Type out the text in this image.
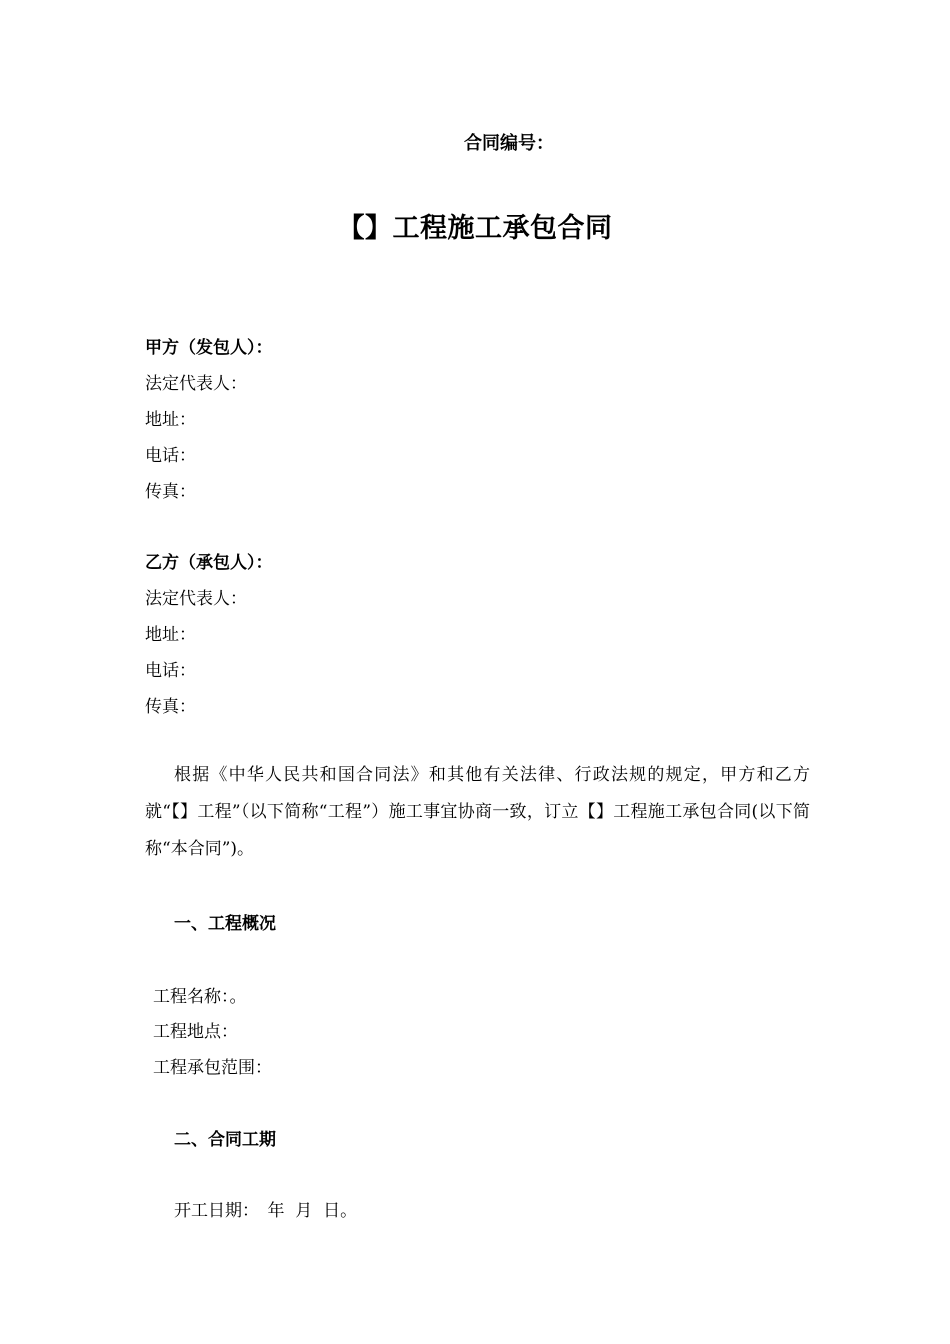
合同编号：
【】工程施工承包合同
甲方（发包人）：
法定代表人：
地址：
电话：
传真：
乙方（承包人）：
法定代表人：
地址：
电话：
传真：
根据《中华人民共和国合同法》和其他有关法律、行政法规的规定，甲方和乙方就“【】工程”（以下简称“工程”）施工事宜协商一致，订立【】工程施工承包合同(以下简称“本合同”)。
一、工程概况
工程名称：。
工程地点：
工程承包范围：
二、合同工期
开工日期：　年  月  日。
